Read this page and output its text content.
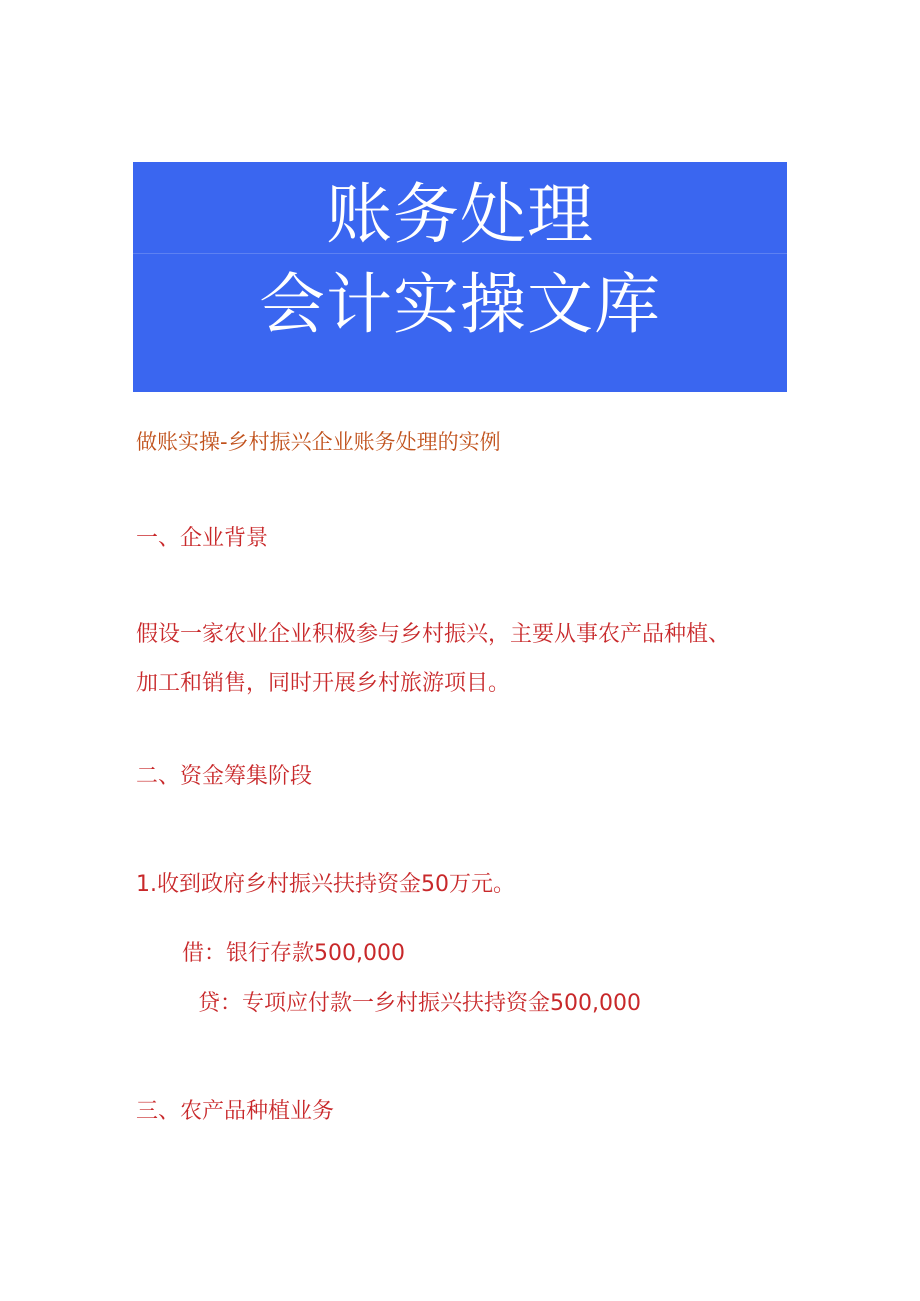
账务处理
会计实操文库
做账实操-乡村振兴企业账务处理的实例
一、企业背景
假设一家农业企业积极参与乡村振兴，主要从事农产品种植、
加工和销售，同时开展乡村旅游项目。
二、资金筹集阶段
1.收到政府乡村振兴扶持资金50万元。
借：银行存款500,000
贷：专项应付款一乡村振兴扶持资金500,000
三、农产品种植业务
